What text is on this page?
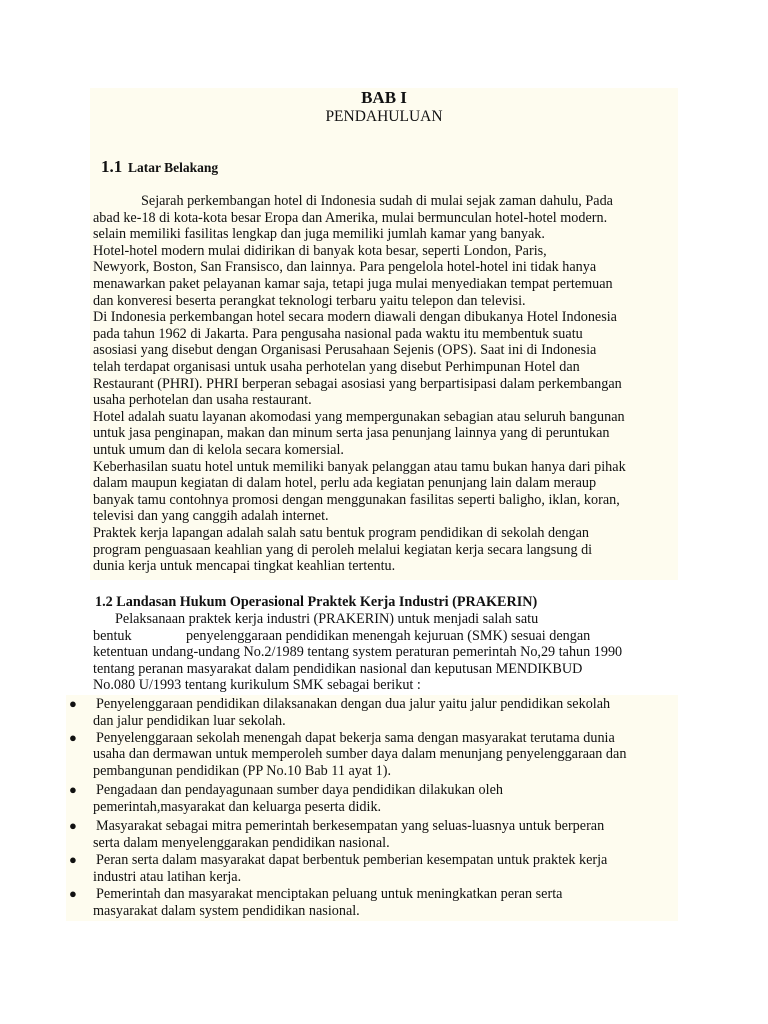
BAB I
PENDAHULUAN
1.1 Latar Belakang
Sejarah perkembangan hotel di Indonesia sudah di mulai sejak zaman dahulu, Pada
abad ke-18 di kota-kota besar Eropa dan Amerika, mulai bermunculan hotel-hotel modern.
selain memiliki fasilitas lengkap dan juga memiliki jumlah kamar yang banyak.
Hotel-hotel modern mulai didirikan di banyak kota besar, seperti London, Paris,
Newyork, Boston, San Fransisco, dan lainnya. Para pengelola hotel-hotel ini tidak hanya
menawarkan paket pelayanan kamar saja, tetapi juga mulai menyediakan tempat pertemuan
dan konveresi beserta perangkat teknologi terbaru yaitu telepon dan televisi.
Di Indonesia perkembangan hotel secara modern diawali dengan dibukanya Hotel Indonesia
pada tahun 1962 di Jakarta. Para pengusaha nasional pada waktu itu membentuk suatu
asosiasi yang disebut dengan Organisasi Perusahaan Sejenis (OPS). Saat ini di Indonesia
telah terdapat organisasi untuk usaha perhotelan yang disebut Perhimpunan Hotel dan
Restaurant (PHRI). PHRI berperan sebagai asosiasi yang berpartisipasi dalam perkembangan
usaha perhotelan dan usaha restaurant.
Hotel adalah suatu layanan akomodasi yang mempergunakan sebagian atau seluruh bangunan
untuk jasa penginapan, makan dan minum serta jasa penunjang lainnya yang di peruntukan
untuk umum dan di kelola secara komersial.
Keberhasilan suatu hotel untuk memiliki banyak pelanggan atau tamu bukan hanya dari pihak
dalam maupun kegiatan di dalam hotel, perlu ada kegiatan penunjang lain dalam meraup
banyak tamu contohnya promosi dengan menggunakan fasilitas seperti baligho, iklan, koran,
televisi dan yang canggih adalah internet.
Praktek kerja lapangan adalah salah satu bentuk program pendidikan di sekolah dengan
program penguasaan keahlian yang di peroleh melalui kegiatan kerja secara langsung di
dunia kerja untuk mencapai tingkat keahlian tertentu.
1.2 Landasan Hukum Operasional Praktek Kerja Industri (PRAKERIN)
Pelaksanaan praktek kerja industri (PRAKERIN) untuk menjadi salah satu
bentuk	penyelenggaraan pendidikan menengah kejuruan (SMK) sesuai dengan
ketentuan undang-undang No.2/1989 tentang system peraturan pemerintah No,29 tahun 1990
tentang peranan masyarakat dalam pendidikan nasional dan keputusan MENDIKBUD
No.080 U/1993 tentang kurikulum SMK sebagai berikut :
● Penyelenggaraan pendidikan dilaksanakan dengan dua jalur yaitu jalur pendidikan sekolah
dan jalur pendidikan luar sekolah.
● Penyelenggaraan sekolah menengah dapat bekerja sama dengan masyarakat terutama dunia
usaha dan dermawan untuk memperoleh sumber daya dalam menunjang penyelenggaraan dan
pembangunan pendidikan (PP No.10 Bab 11 ayat 1).
● Pengadaan dan pendayagunaan sumber daya pendidikan dilakukan oleh
pemerintah,masyarakat dan keluarga peserta didik.
● Masyarakat sebagai mitra pemerintah berkesempatan yang seluas-luasnya untuk berperan
serta dalam menyelenggarakan pendidikan nasional.
● Peran serta dalam masyarakat dapat berbentuk pemberian kesempatan untuk praktek kerja
industri atau latihan kerja.
● Pemerintah dan masyarakat menciptakan peluang untuk meningkatkan peran serta
masyarakat dalam system pendidikan nasional.
